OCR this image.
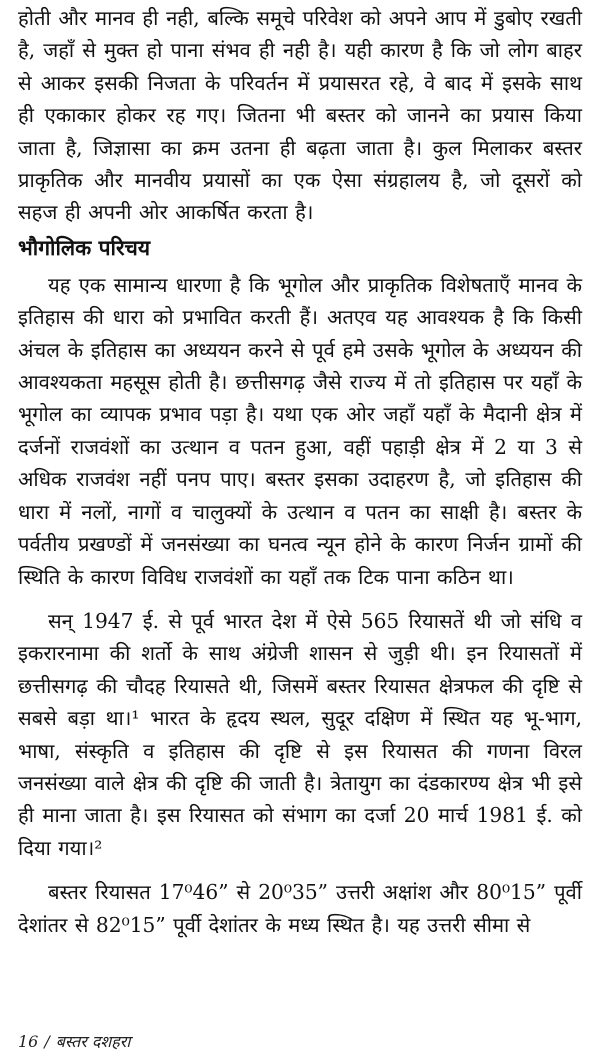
होती और मानव ही नही, बल्कि समूचे परिवेश को अपने आप में डुबोए रखती है, जहाँ से मुक्त हो पाना संभव ही नही है। यही कारण है कि जो लोग बाहर से आकर इसकी निजता के परिवर्तन में प्रयासरत रहे, वे बाद में इसके साथ ही एकाकार होकर रह गए। जितना भी बस्तर को जानने का प्रयास किया जाता है, जिज्ञासा का क्रम उतना ही बढ़ता जाता है। कुल मिलाकर बस्तर प्राकृतिक और मानवीय प्रयासों का एक ऐसा संग्रहालय है, जो दूसरों को सहज ही अपनी ओर आकर्षित करता है।

भौगोलिक परिचय

यह एक सामान्य धारणा है कि भूगोल और प्राकृतिक विशेषताएँ मानव के इतिहास की धारा को प्रभावित करती हैं। अतएव यह आवश्यक है कि किसी अंचल के इतिहास का अध्ययन करने से पूर्व हमे उसके भूगोल के अध्ययन की आवश्यकता महसूस होती है। छत्तीसगढ़ जैसे राज्य में तो इतिहास पर यहाँ के भूगोल का व्यापक प्रभाव पड़ा है। यथा एक ओर जहाँ यहाँ के मैदानी क्षेत्र में दर्जनों राजवंशों का उत्थान व पतन हुआ, वहीं पहाड़ी क्षेत्र में 2 या 3 से अधिक राजवंश नहीं पनप पाए। बस्तर इसका उदाहरण है, जो इतिहास की धारा में नलों, नागों व चालुक्यों के उत्थान व पतन का साक्षी है। बस्तर के पर्वतीय प्रखण्डों में जनसंख्या का घनत्व न्यून होने के कारण निर्जन ग्रामों की स्थिति के कारण विविध राजवंशों का यहाँ तक टिक पाना कठिन था।

सन् 1947 ई. से पूर्व भारत देश में ऐसे 565 रियासतें थी जो संधि व इकरारनामा की शर्तो के साथ अंग्रेजी शासन से जुड़ी थी। इन रियासतों में छत्तीसगढ़ की चौदह रियासते थी, जिसमें बस्तर रियासत क्षेत्रफल की दृष्टि से सबसे बड़ा था।¹ भारत के हृदय स्थल, सुदूर दक्षिण में स्थित यह भू-भाग, भाषा, संस्कृति व इतिहास की दृष्टि से इस रियासत की गणना विरल जनसंख्या वाले क्षेत्र की दृष्टि की जाती है। त्रेतायुग का दंडकारण्य क्षेत्र भी इसे ही माना जाता है। इस रियासत को संभाग का दर्जा 20 मार्च 1981 ई. को दिया गया।²

बस्तर रियासत 17⁰46” से 20⁰35” उत्तरी अक्षांश और 80⁰15” पूर्वी देशांतर से 82⁰15” पूर्वी देशांतर के मध्य स्थित है। यह उत्तरी सीमा से

16 / बस्तर दशहरा
